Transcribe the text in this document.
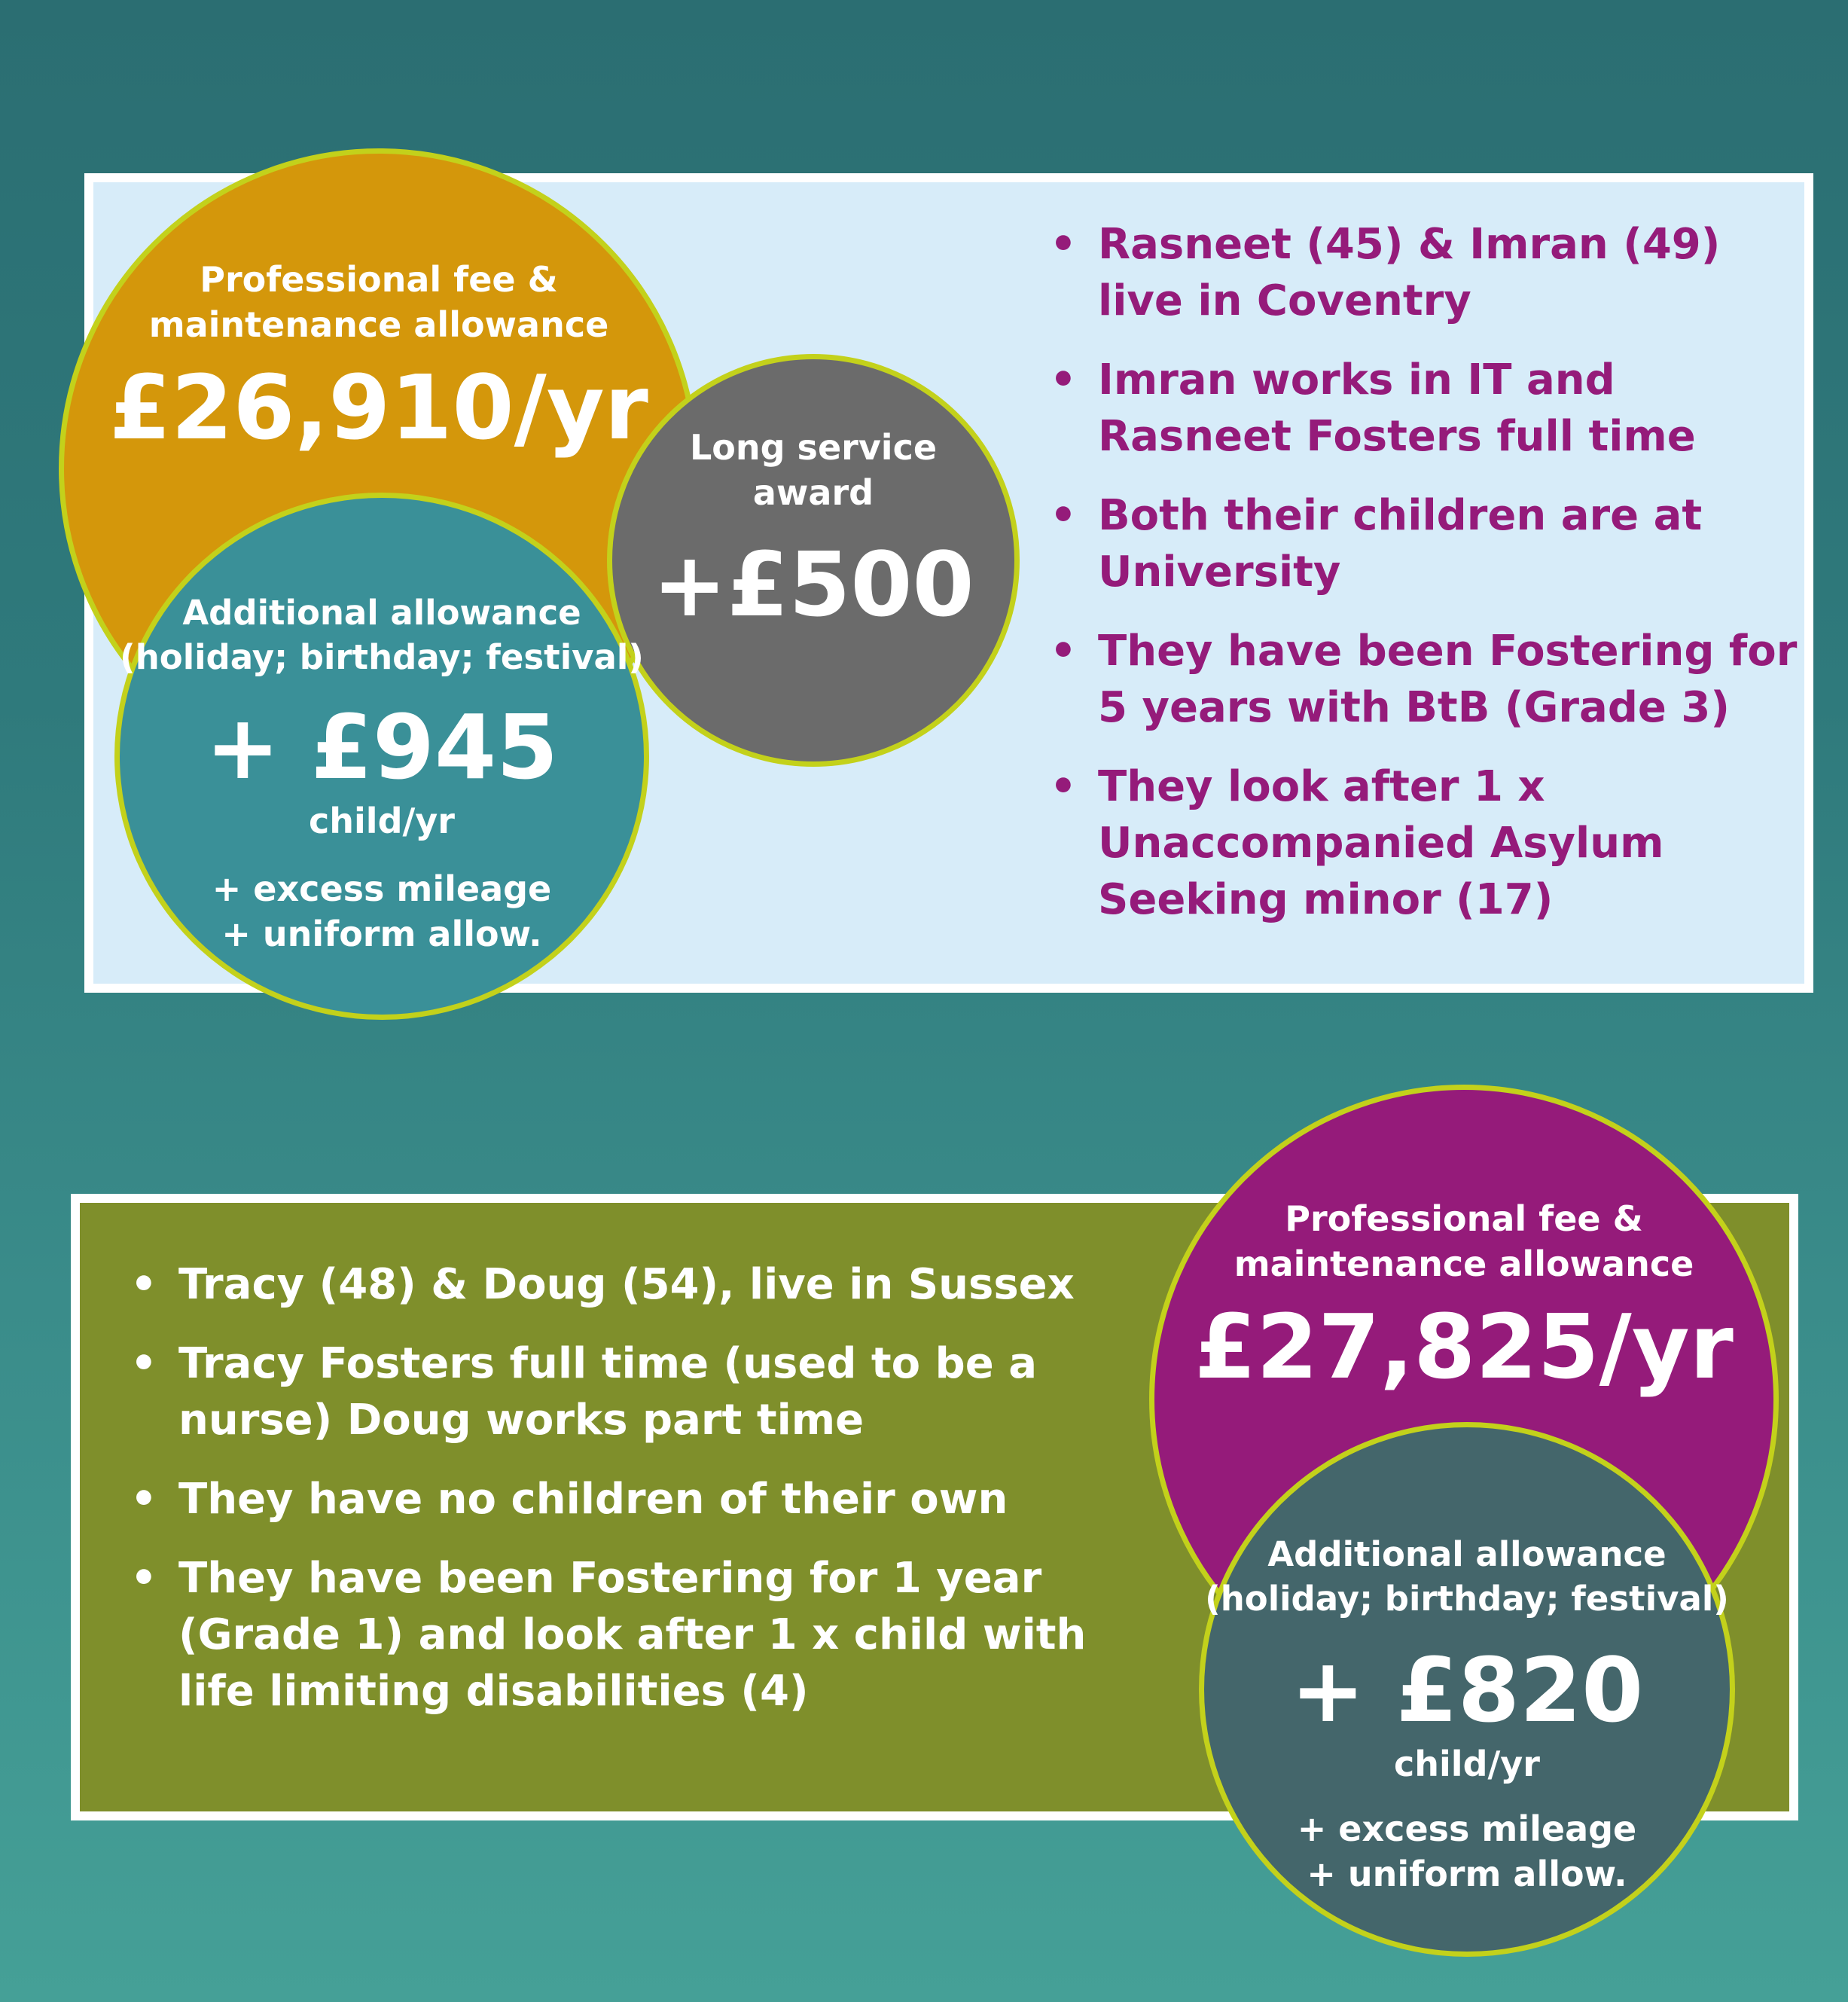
• Rasneet (45) & Imran (49) live in Coventry
• Imran works in IT and Rasneet Fosters full time
• Both their children are at University
• They have been Fostering for 5 years with BtB (Grade 3)
• They look after 1 x Unaccompanied Asylum Seeking minor (17)
Professional fee &
maintenance allowance
£26,910/yr	Long service
award
+£500
Additional allowance
(holiday; birthday; festival)
+ £945
child/yr
+ excess mileage
+ uniform allow.
• Tracy (48) & Doug (54), live in Sussex
• Tracy Fosters full time (used to be a nurse) Doug works part time
• They have no children of their own
• They have been Fostering for 1 year (Grade 1) and look after 1 x child with life limiting disabilities (4)
Professional fee &
maintenance allowance
£27,825/yr
Additional allowance
(holiday; birthday; festival)
+ £820
child/yr
+ excess mileage
+ uniform allow.
